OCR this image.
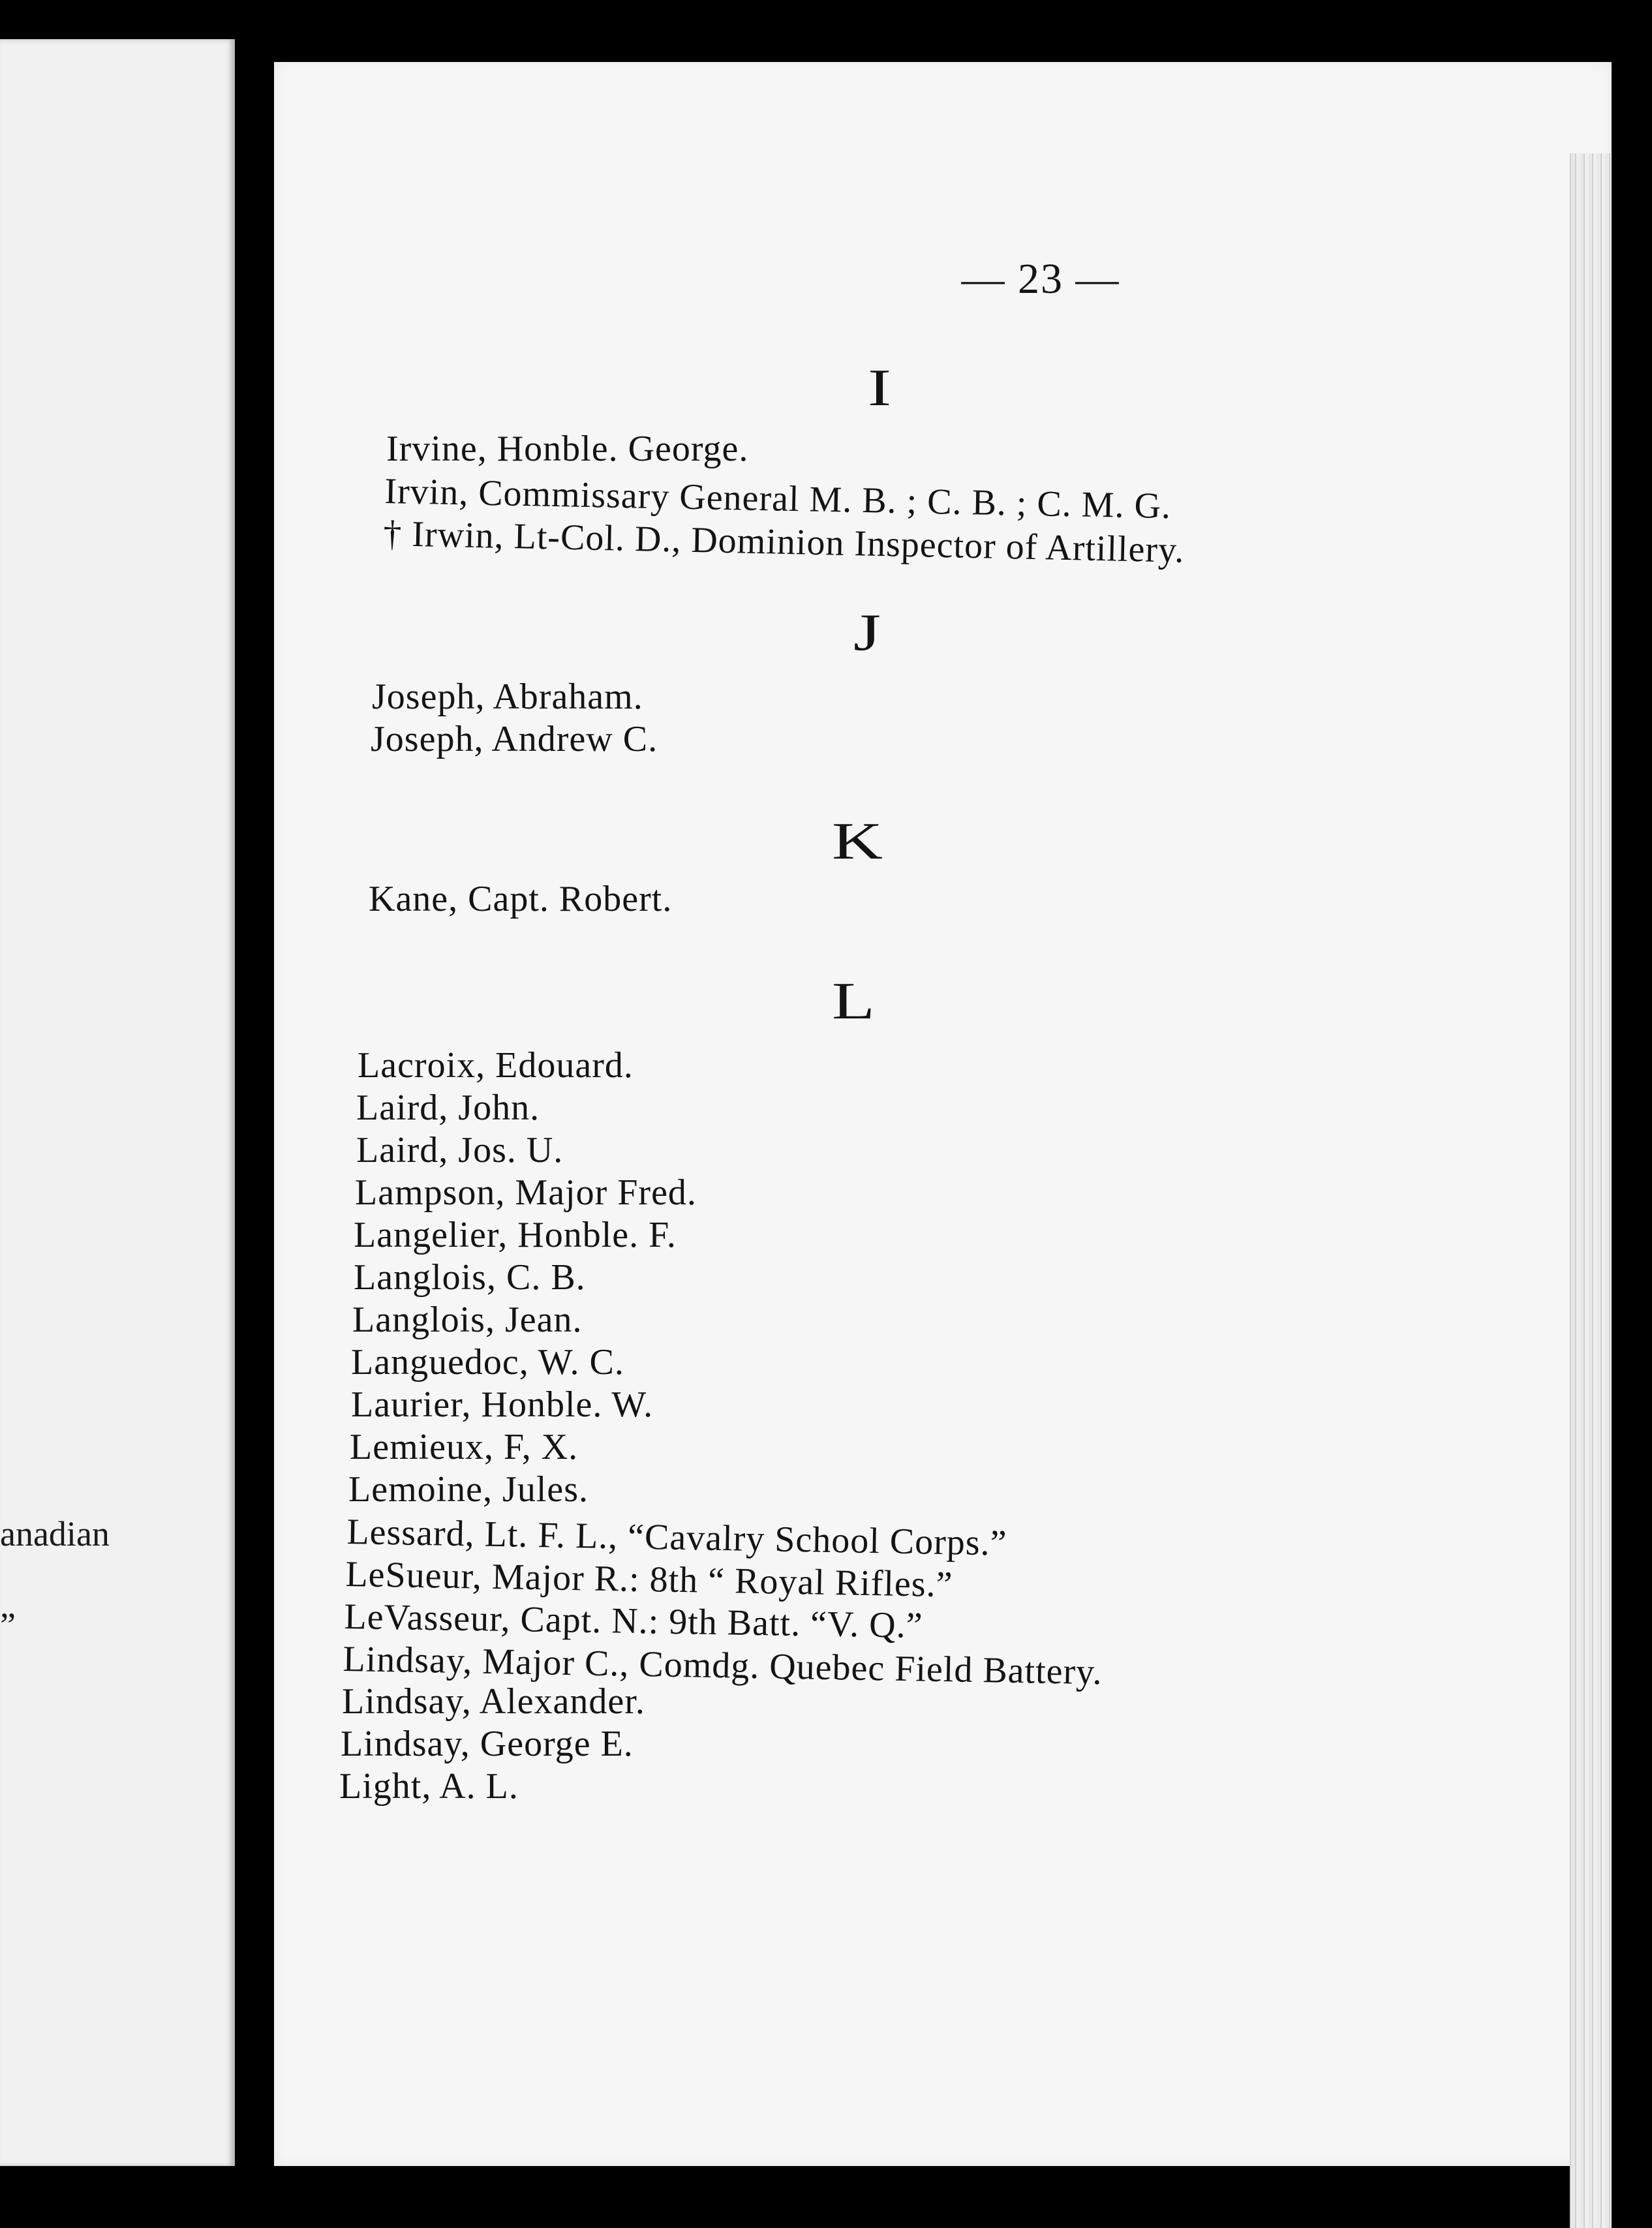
anadian
”
— 23 —
I
Irvine, Honble. George.
Irvin, Commissary General M. B. ; C. B. ; C. M. G.
† Irwin, Lt-Col. D., Dominion Inspector of Artillery.
J
Joseph, Abraham.
Joseph, Andrew C.
K
Kane, Capt. Robert.
L
Lacroix, Edouard.
Laird, John.
Laird, Jos. U.
Lampson, Major Fred.
Langelier, Honble. F.
Langlois, C. B.
Langlois, Jean.
Languedoc, W. C.
Laurier, Honble. W.
Lemieux, F, X.
Lemoine, Jules.
Lessard, Lt. F. L., “Cavalry School Corps.”
LeSueur, Major R.: 8th “ Royal Rifles.”
LeVasseur, Capt. N.: 9th Batt. “V. Q.”
Lindsay, Major C., Comdg. Quebec Field Battery.
Lindsay, Alexander.
Lindsay, George E.
Light, A. L.
